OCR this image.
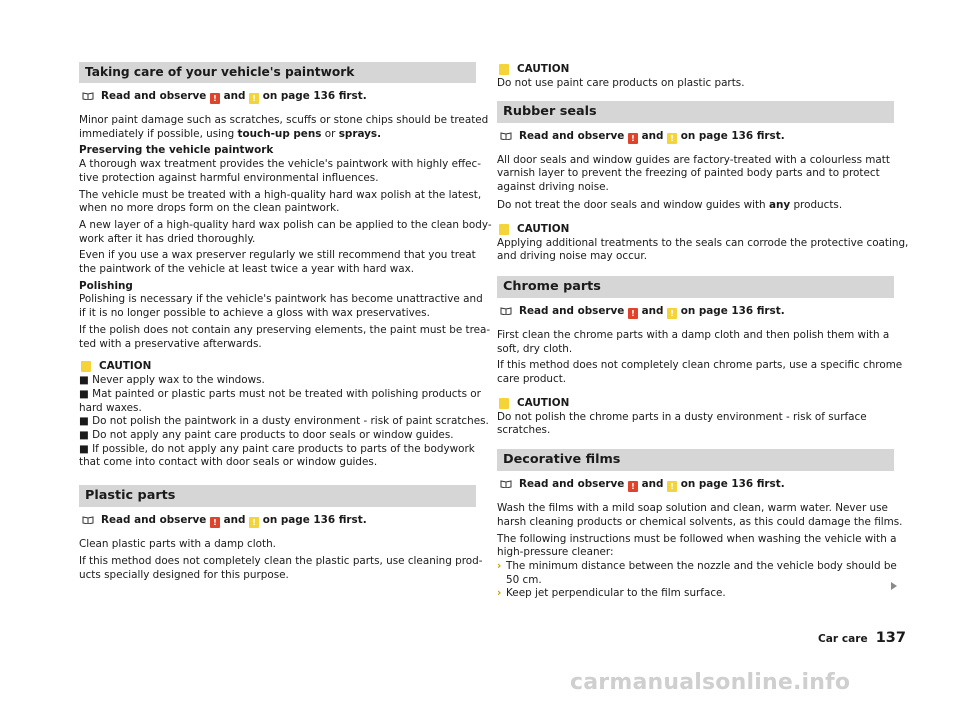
Taking care of your vehicle's paintwork
Read and observe ! and ! on page 136 first.

Minor paint damage such as scratches, scuffs or stone chips should be treated

immediately if possible, using touch-up pens or sprays.

Preserving the vehicle paintwork

A thorough wax treatment provides the vehicle's paintwork with highly effec-

tive protection against harmful environmental influences.

The vehicle must be treated with a high-quality hard wax polish at the latest,

when no more drops form on the clean paintwork.

A new layer of a high-quality hard wax polish can be applied to the clean body-

work after it has dried thoroughly.

Even if you use a wax preserver regularly we still recommend that you treat

the paintwork of the vehicle at least twice a year with hard wax.

Polishing

Polishing is necessary if the vehicle's paintwork has become unattractive and

if it is no longer possible to achieve a gloss with wax preservatives.

If the polish does not contain any preserving elements, the paint must be trea-

ted with a preservative afterwards.

CAUTION

■ Never apply wax to the windows.

■ Mat painted or plastic parts must not be treated with polishing products or

hard waxes.

■ Do not polish the paintwork in a dusty environment - risk of paint scratches.

■ Do not apply any paint care products to door seals or window guides.

■ If possible, do not apply any paint care products to parts of the bodywork

that come into contact with door seals or window guides.

Plastic parts
Read and observe ! and ! on page 136 first.

Clean plastic parts with a damp cloth.

If this method does not completely clean the plastic parts, use cleaning prod-

ucts specially designed for this purpose.

CAUTION

Do not use paint care products on plastic parts.

Rubber seals
Read and observe ! and ! on page 136 first.

All door seals and window guides are factory-treated with a colourless matt

varnish layer to prevent the freezing of painted body parts and to protect

against driving noise.

Do not treat the door seals and window guides with any products.

CAUTION

Applying additional treatments to the seals can corrode the protective coating,

and driving noise may occur.

Chrome parts
Read and observe ! and ! on page 136 first.

First clean the chrome parts with a damp cloth and then polish them with a

soft, dry cloth.

If this method does not completely clean chrome parts, use a specific chrome

care product.

CAUTION

Do not polish the chrome parts in a dusty environment - risk of surface

scratches.

Decorative films
Read and observe ! and ! on page 136 first.

Wash the films with a mild soap solution and clean, warm water. Never use

harsh cleaning products or chemical solvents, as this could damage the films.

The following instructions must be followed when washing the vehicle with a

high-pressure cleaner:

› The minimum distance between the nozzle and the vehicle body should be

50 cm.

› Keep jet perpendicular to the film surface.

Car care 137
carmanualsonline.info
